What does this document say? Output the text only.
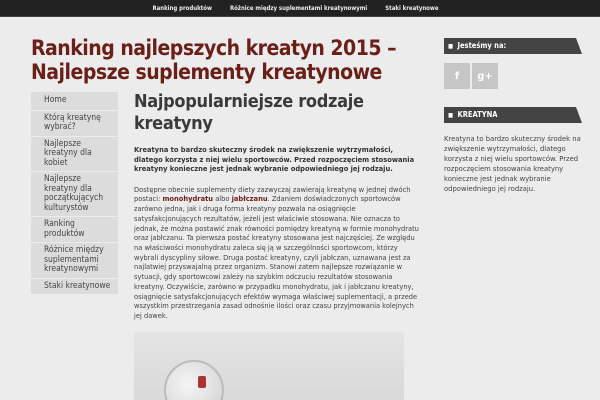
Ranking produktów	Różnice między suplementami kreatynowymi	Staki kreatynowe
Ranking najlepszych kreatyn 2015 – Najlepsze suplementy kreatynowe
Home
Którą kreatynę wybrać?
Najlepsze kreatyny dla kobiet
Najlepsze kreatyny dla początkujących kulturystów
Ranking produktów
Różnice między suplementami kreatynowymi
Staki kreatynowe
Najpopularniejsze rodzaje kreatyny

Kreatyna to bardzo skuteczny środek na zwiększenie wytrzymałości, dlatego korzysta z niej wielu sportowców. Przed rozpoczęciem stosowania kreatyny konieczne jest jednak wybranie odpowiedniego jej rodzaju.

Dostępne obecnie suplementy diety zazwyczaj zawierają kreatynę w jednej dwóch postaci: monohydratu albo jabłczanu. Zdaniem doświadczonych sportowców zarówno jedna, jak i druga forma kreatyny pozwala na osiągnięcie satysfakcjonujących rezultatów, jeżeli jest właściwie stosowana. Nie oznacza to jednak, że można postawić znak równości pomiędzy kreatyną w formie monohydratu oraz jabłczanu. Ta pierwsza postać kreatyny stosowana jest najczęściej. Ze względu na właściwości monohydratu zaleca się ją w szczególności sportowcom, którzy wybrali dyscypliny siłowe. Druga postać kreatyny, czyli jabłczan, uznawana jest za najlatwiej przyswajalną przez organizm. Stanowi zatem najlepsze rozwiązanie w sytuacji, gdy sportowcowi zależy na szybkim odczuciu rezultatów stosowania kreatyny. Oczywiście, zarówno w przypadku monohydratu, jak i jabłczanu kreatyny, osiągnięcie satysfakcjonujących efektów wymaga właściwej suplementacji, a przede wszystkim przestrzegania zasad odnośnie ilości oraz czasu przyjmowania kolejnych jej dawek.

■ Jesteśmy na:
f	g+
■ KREATYNA

Kreatyna to bardzo skuteczny środek na zwiększenie wytrzymałości, dlatego korzysta z niej wielu sportowców. Przed rozpoczęciem stosowania kreatyny konieczne jest jednak wybranie odpowiedniego jej rodzaju.
